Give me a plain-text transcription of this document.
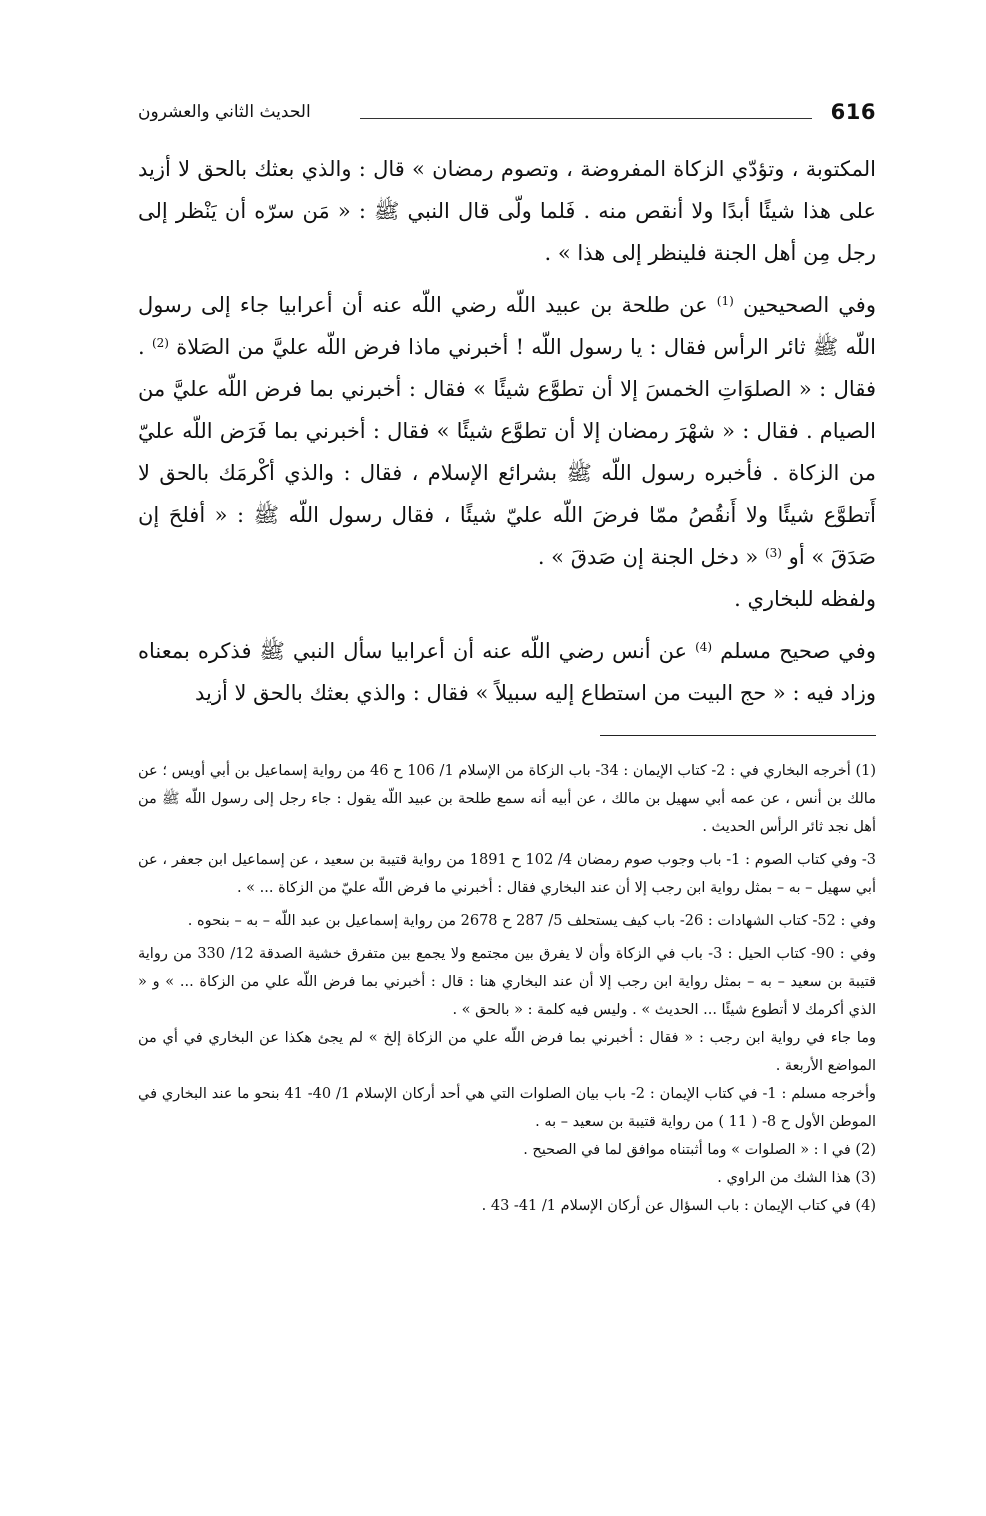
616
الحديث الثاني والعشرون

المكتوبة ، وتؤدّي الزكاة المفروضة ، وتصوم رمضان » قال : والذي بعثك بالحق لا أزيد على هذا شيئًا أبدًا ولا أنقص منه . فَلما ولّى قال النبي ﷺ : « مَن سرّه أن يَنْظر إلى رجل مِن أهل الجنة فلينظر إلى هذا » .

وفي الصحيحين $^{(1)}$ عن طلحة بن عبيد اللّه رضي اللّه عنه أن أعرابيا جاء إلى رسول اللّه ﷺ ثائر الرأس فقال : يا رسول اللّه ! أخبرني ماذا فرض اللّه عليَّ من الصَلاة $^{(2)}$ . فقال : « الصلوَاتِ الخمسَ إلا أن تطوَّع شيئًا » فقال : أخبرني بما فرض اللّه عليَّ من الصيام . فقال : « شهْرَ رمضان إلا أن تطوَّع شيئًا » فقال : أخبرني بما فَرَض اللّه عليّ من الزكاة . فأخبره رسول اللّه ﷺ بشرائع الإسلام ، فقال : والذي أكْرمَك بالحق لا أَتطوَّع شيئًا ولا أَنقُصُ ممّا فرضَ اللّه عليّ شيئًا ، فقال رسول اللّه ﷺ : « أفلحَ إن صَدَقَ » أو $^{(3)}$ « دخل الجنة إن صَدقَ » .

ولفظه للبخاري .

وفي صحيح مسلم $^{(4)}$ عن أنس رضي اللّه عنه أن أعرابيا سأل النبي ﷺ فذكره بمعناه وزاد فيه : « حج البيت من استطاع إليه سبيلاً » فقال : والذي بعثك بالحق لا أزيد

(1) أخرجه البخاري في : 2- كتاب الإيمان : 34- باب الزكاة من الإسلام 1/ 106 ح 46 من رواية إسماعيل بن أبي أويس ؛ عن مالك بن أنس ، عن عمه أبي سهيل بن مالك ، عن أبيه أنه سمع طلحة بن عبيد اللّه يقول : جاء رجل إلى رسول اللّه ﷺ من أهل نجد ثائر الرأس الحديث .

3- وفي كتاب الصوم : 1- باب وجوب صوم رمضان 4/ 102 ح 1891 من رواية قتيبة بن سعيد ، عن إسماعيل ابن جعفر ، عن أبي سهيل – به – بمثل رواية ابن رجب إلا أن عند البخاري فقال : أخبرني ما فرض اللّه عليّ من الزكاة ... » .

وفي : 52- كتاب الشهادات : 26- باب كيف يستحلف 5/ 287 ح 2678 من رواية إسماعيل بن عبد اللّه – به – بنحوه .

وفي : 90- كتاب الحيل : 3- باب في الزكاة وأن لا يفرق بين مجتمع ولا يجمع بين متفرق خشية الصدقة 12/ 330 من رواية قتيبة بن سعيد – به – بمثل رواية ابن رجب إلا أن عند البخاري هنا : قال : أخبرني بما فرض اللّه علي من الزكاة ... » و « الذي أكرمك لا أتطوع شيئًا ... الحديث » . وليس فيه كلمة : « بالحق » .

وما جاء في رواية ابن رجب : « فقال : أخبرني بما فرض اللّه علي من الزكاة إلخ » لم يجئ هكذا عن البخاري في أي من المواضع الأربعة .

وأخرجه مسلم : 1- في كتاب الإيمان : 2- باب بيان الصلوات التي هي أحد أركان الإسلام 1/ 40- 41 بنحو ما عند البخاري في الموطن الأول ح 8- ( 11 ) من رواية قتيبة بن سعيد – به .

(2) في ا : « الصلوات » وما أثبتناه موافق لما في الصحيح .

(3) هذا الشك من الراوي .

(4) في كتاب الإيمان : باب السؤال عن أركان الإسلام 1/ 41- 43 .
